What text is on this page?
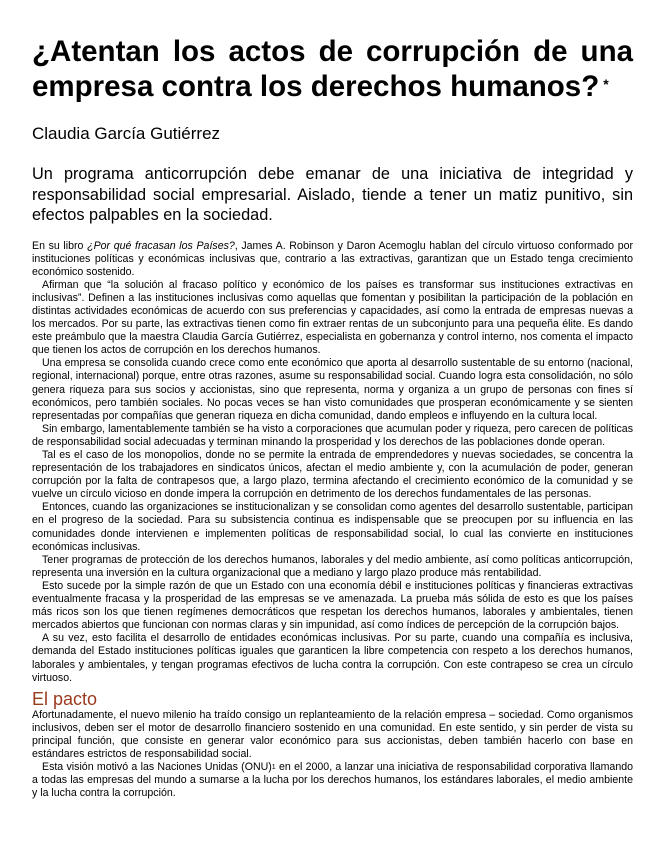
¿Atentan los actos de corrupción de una empresa contra los derechos humanos? *
Claudia García Gutiérrez
Un programa anticorrupción debe emanar de una iniciativa de integridad y responsabilidad social empresarial. Aislado, tiende a tener un matiz punitivo, sin efectos palpables en la sociedad.

En su libro ¿Por qué fracasan los Países?, James A. Robinson y Daron Acemoglu hablan del círculo virtuoso conformado por instituciones políticas y económicas inclusivas que, contrario a las extractivas, garantizan que un Estado tenga crecimiento económico sostenido.

Afirman que “la solución al fracaso político y económico de los países es transformar sus instituciones extractivas en inclusivas”. Definen a las instituciones inclusivas como aquellas que fomentan y posibilitan la participación de la población en distintas actividades económicas de acuerdo con sus preferencias y capacidades, así como la entrada de empresas nuevas a los mercados. Por su parte, las extractivas tienen como fin extraer rentas de un subconjunto para una pequeña élite. Es dando este preámbulo que la maestra Claudia García Gutiérrez, especialista en gobernanza y control interno, nos comenta el impacto que tienen los actos de corrupción en los derechos humanos.

Una empresa se consolida cuando crece como ente económico que aporta al desarrollo sustentable de su entorno (nacional, regional, internacional) porque, entre otras razones, asume su responsabilidad social. Cuando logra esta consolidación, no sólo genera riqueza para sus socios y accionistas, sino que representa, norma y organiza a un grupo de personas con fines sí económicos, pero también sociales. No pocas veces se han visto comunidades que prosperan económicamente y se sienten representadas por compañías que generan riqueza en dicha comunidad, dando empleos e influyendo en la cultura local.

Sin embargo, lamentablemente también se ha visto a corporaciones que acumulan poder y riqueza, pero carecen de políticas de responsabilidad social adecuadas y terminan minando la prosperidad y los derechos de las poblaciones donde operan.

Tal es el caso de los monopolios, donde no se permite la entrada de emprendedores y nuevas sociedades, se concentra la representación de los trabajadores en sindicatos únicos, afectan el medio ambiente y, con la acumulación de poder, generan corrupción por la falta de contrapesos que, a largo plazo, termina afectando el crecimiento económico de la comunidad y se vuelve un círculo vicioso en donde impera la corrupción en detrimento de los derechos fundamentales de las personas.

Entonces, cuando las organizaciones se institucionalizan y se consolidan como agentes del desarrollo sustentable, participan en el progreso de la sociedad. Para su subsistencia continua es indispensable que se preocupen por su influencia en las comunidades donde intervienen e implementen políticas de responsabilidad social, lo cual las convierte en instituciones económicas inclusivas.

Tener programas de protección de los derechos humanos, laborales y del medio ambiente, así como políticas anticorrupción, representa una inversión en la cultura organizacional que a mediano y largo plazo produce más rentabilidad.

Esto sucede por la simple razón de que un Estado con una economía débil e instituciones políticas y financieras extractivas eventualmente fracasa y la prosperidad de las empresas se ve amenazada. La prueba más sólida de esto es que los países más ricos son los que tienen regímenes democráticos que respetan los derechos humanos, laborales y ambientales, tienen mercados abiertos que funcionan con normas claras y sin impunidad, así como índices de percepción de la corrupción bajos.

A su vez, esto facilita el desarrollo de entidades económicas inclusivas. Por su parte, cuando una compañía es inclusiva, demanda del Estado instituciones políticas iguales que garanticen la libre competencia con respeto a los derechos humanos, laborales y ambientales, y tengan programas efectivos de lucha contra la corrupción. Con este contrapeso se crea un círculo virtuoso.

El pacto

Afortunadamente, el nuevo milenio ha traído consigo un replanteamiento de la relación empresa – sociedad. Como organismos inclusivos, deben ser el motor de desarrollo financiero sostenido en una comunidad. En este sentido, y sin perder de vista su principal función, que consiste en generar valor económico para sus accionistas, deben también hacerlo con base en estándares estrictos de responsabilidad social.

Esta visión motivó a las Naciones Unidas (ONU)$^1$ en el 2000, a lanzar una iniciativa de responsabilidad corporativa llamando a todas las empresas del mundo a sumarse a la lucha por los derechos humanos, los estándares laborales, el medio ambiente y la lucha contra la corrupción.
